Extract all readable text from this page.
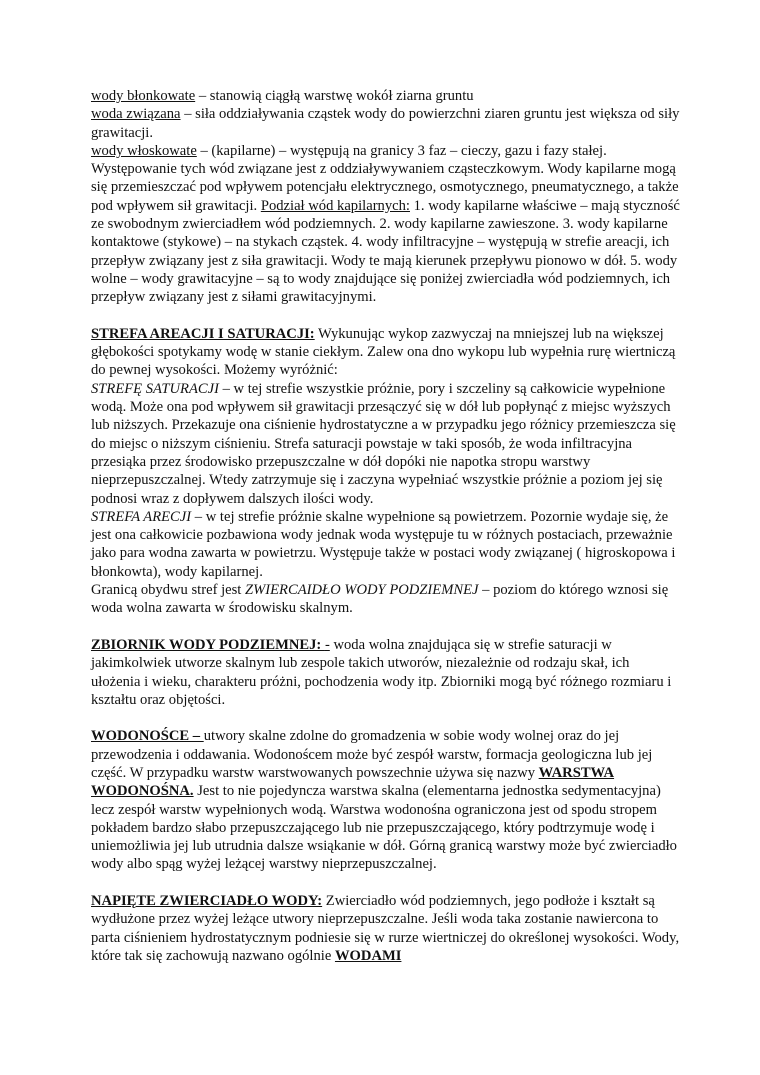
wody błonkowate – stanowią ciągłą warstwę wokół ziarna gruntu
woda związana – siła oddziaływania cząstek wody do powierzchni ziaren gruntu jest większa od siły grawitacji.
wody włoskowate – (kapilarne) – występują na granicy 3 faz – cieczy, gazu i fazy stałej. Występowanie tych wód związane jest z oddziaływywaniem cząsteczkowym. Wody kapilarne mogą się przemieszczać pod wpływem potencjału elektrycznego, osmotycznego, pneumatycznego, a także pod wpływem sił grawitacji. Podział wód kapilarnych: 1. wody kapilarne właściwe – mają styczność ze swobodnym zwierciadłem wód podziemnych. 2. wody kapilarne zawieszone. 3. wody kapilarne kontaktowe (stykowe) – na stykach cząstek. 4. wody infiltracyjne – występują w strefie areacji, ich przepływ związany jest z siła grawitacji. Wody te mają kierunek przepływu pionowo w dół. 5. wody wolne – wody grawitacyjne – są to wody znajdujące się poniżej zwierciadła wód podziemnych, ich przepływ związany jest z siłami grawitacyjnymi.

STREFA AREACJI I SATURACJI: Wykunując wykop zazwyczaj na mniejszej lub na większej głębokości spotykamy wodę w stanie ciekłym. Zalew ona dno wykopu lub wypełnia rurę wiertniczą do pewnej wysokości. Możemy wyróżnić:
STREFĘ SATURACJI – w tej strefie wszystkie próżnie, pory i szczeliny są całkowicie wypełnione wodą. Może ona pod wpływem sił grawitacji przesączyć się w dół lub popłynąć z miejsc wyższych lub niższych. Przekazuje ona ciśnienie hydrostatyczne a w przypadku jego różnicy przemieszcza się do miejsc o niższym ciśnieniu. Strefa saturacji powstaje w taki sposób, że woda infiltracyjna przesiąka przez środowisko przepuszczalne w dół dopóki nie napotka stropu warstwy nieprzepuszczalnej. Wtedy zatrzymuje się i zaczyna wypełniać wszystkie próżnie a poziom jej się podnosi wraz z dopływem dalszych ilości wody.
STREFA ARECJI – w tej strefie próżnie skalne wypełnione są powietrzem. Pozornie wydaje się, że jest ona całkowicie pozbawiona wody jednak woda występuje tu w różnych postaciach, przeważnie jako para wodna zawarta w powietrzu. Występuje także w postaci wody związanej ( higroskopowa i błonkowta), wody kapilarnej.
Granicą obydwu stref jest ZWIERCAIDŁO WODY PODZIEMNEJ – poziom do którego wznosi się woda wolna zawarta w środowisku skalnym.

ZBIORNIK WODY PODZIEMNEJ: - woda wolna znajdująca się w strefie saturacji w jakimkolwiek utworze skalnym lub zespole takich utworów, niezależnie od rodzaju skał, ich ułożenia i wieku, charakteru próżni, pochodzenia wody itp. Zbiorniki mogą być różnego rozmiaru i kształtu oraz objętości.

WODONOŚCE – utwory skalne zdolne do gromadzenia w sobie wody wolnej oraz do jej przewodzenia i oddawania. Wodonoścem może być zespół warstw, formacja geologiczna lub jej część. W przypadku warstw warstwowanych powszechnie używa się nazwy WARSTWA WODONOŚNA. Jest to nie pojedyncza warstwa skalna (elementarna jednostka sedymentacyjna) lecz zespół warstw wypełnionych wodą. Warstwa wodonośna ograniczona jest od spodu stropem pokładem bardzo słabo przepuszczającego lub nie przepuszczającego, który podtrzymuje wodę i uniemożliwia jej lub utrudnia dalsze wsiąkanie w dół. Górną granicą warstwy może być zwierciadło wody albo spąg wyżej leżącej warstwy nieprzepuszczalnej.

NAPIĘTE ZWIERCIADŁO WODY: Zwierciadło wód podziemnych, jego podłoże i kształt są wydłużone przez wyżej leżące utwory nieprzepuszczalne. Jeśli woda taka zostanie nawiercona to parta ciśnieniem hydrostatycznym podniesie się w rurze wiertniczej do określonej wysokości. Wody, które tak się zachowują nazwano ogólnie WODAMI
